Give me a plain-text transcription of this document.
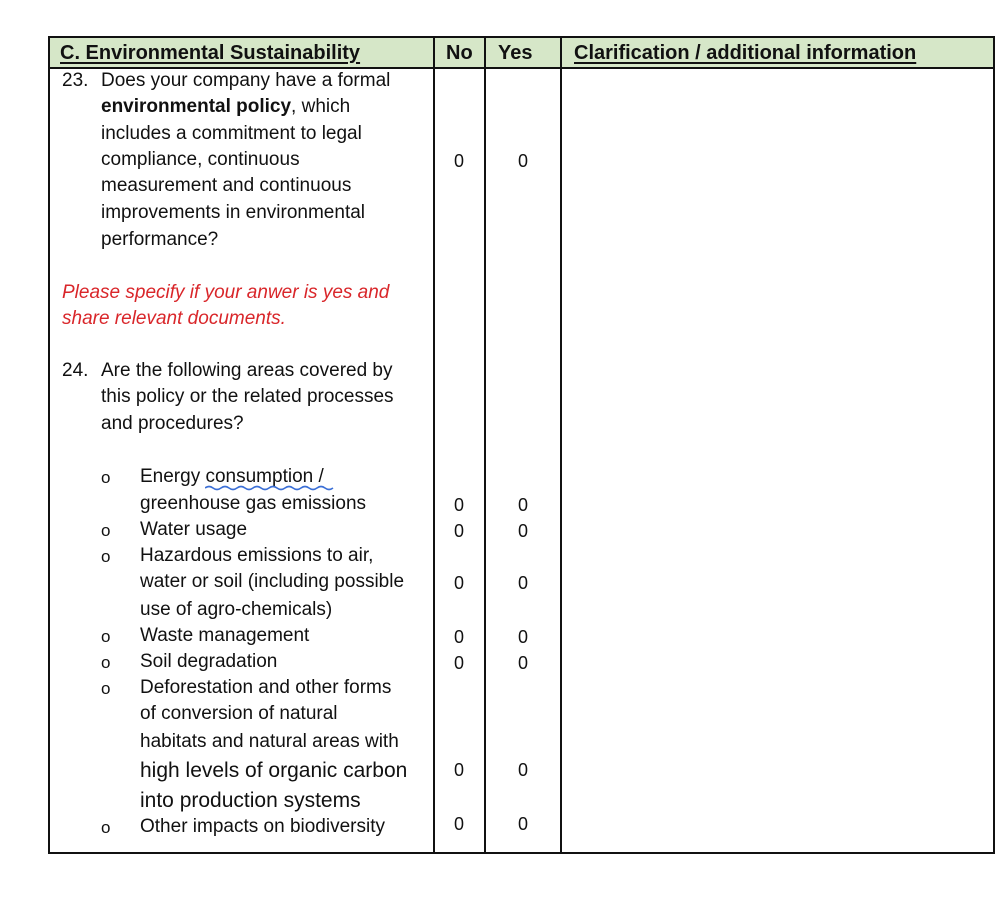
C. Environmental Sustainability	No Yes Clarification / additional information
23. Does your company have a formal
environmental policy, which
includes a commitment to legal
compliance, continuous
measurement and continuous
improvements in environmental
performance?
0	0
Please specify if your anwer is yes and
share relevant documents.
24. Are the following areas covered by
this policy or the related processes
and procedures?
o Energy consumption /
greenhouse gas emissions	0	0
o Water usage	0	0
o Hazardous emissions to air,
water or soil (including possible
use of agro-chemicals)
0	0
o Waste management	0	0
o Soil degradation	0	0
o Deforestation and other forms
of conversion of natural
habitats and natural areas with
high levels of organic carbon
into production systems
0	0
o Other impacts on biodiversity	0	0
